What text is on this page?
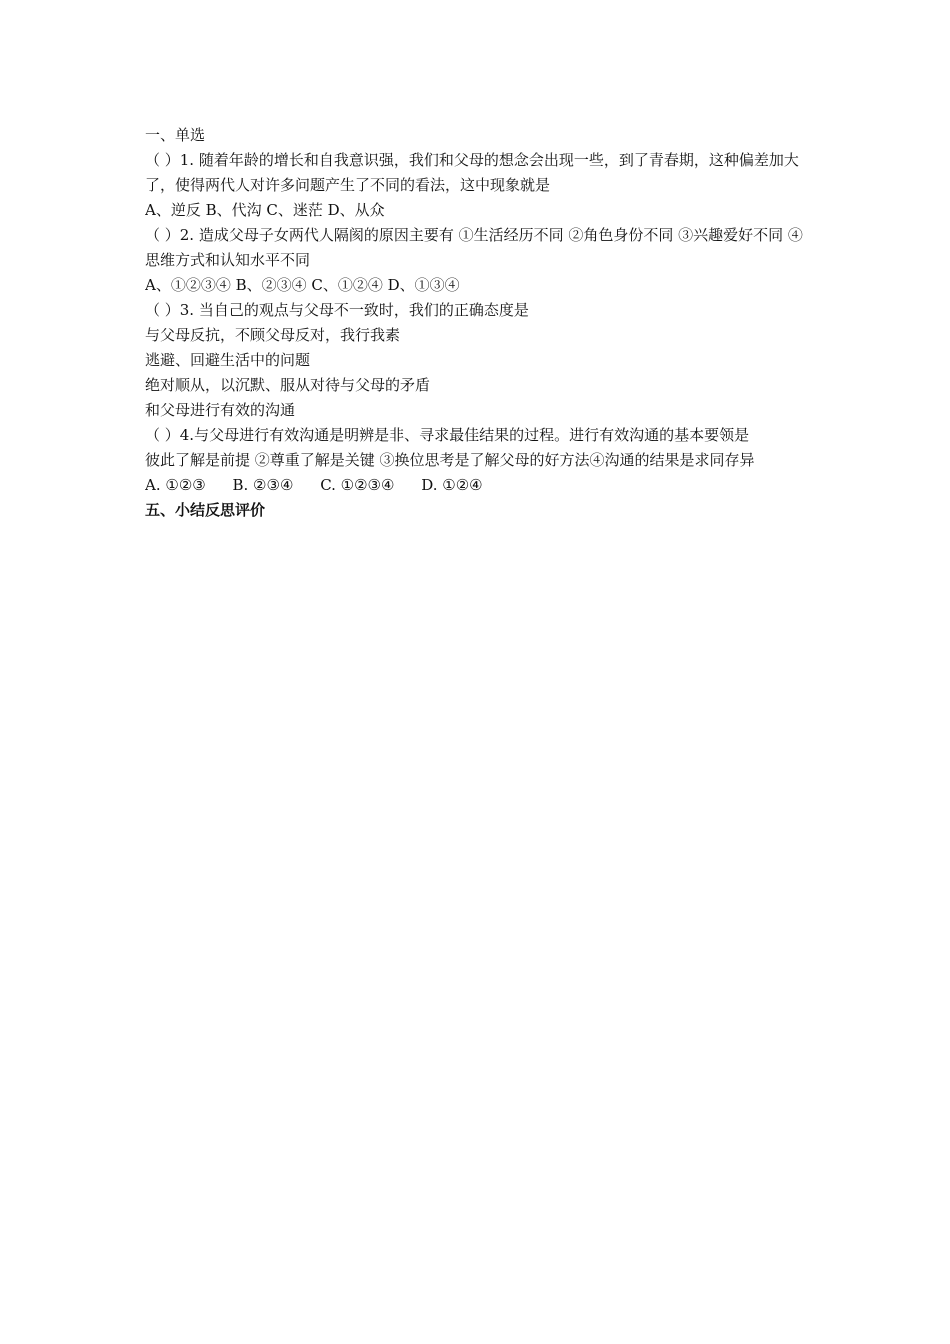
一、单选
（ ）1. 随着年龄的增长和自我意识强，我们和父母的想念会出现一些，到了青春期，这种偏差加大了，使得两代人对许多问题产生了不同的看法，这中现象就是
A、逆反 B、代沟 C、迷茫 D、从众
（ ）2. 造成父母子女两代人隔阂的原因主要有 ①生活经历不同 ②角色身份不同 ③兴趣爱好不同 ④思维方式和认知水平不同
A、①②③④ B、②③④ C、①②④ D、①③④
（ ）3. 当自己的观点与父母不一致时，我们的正确态度是
与父母反抗，不顾父母反对，我行我素
逃避、回避生活中的问题
绝对顺从，以沉默、服从对待与父母的矛盾
和父母进行有效的沟通
（ ）4.与父母进行有效沟通是明辨是非、寻求最佳结果的过程。进行有效沟通的基本要领是
彼此了解是前提 ②尊重了解是关键 ③换位思考是了解父母的好方法④沟通的结果是求同存异
A. ①②③ B. ②③④ C. ①②③④ D. ①②④
五、小结反思评价
